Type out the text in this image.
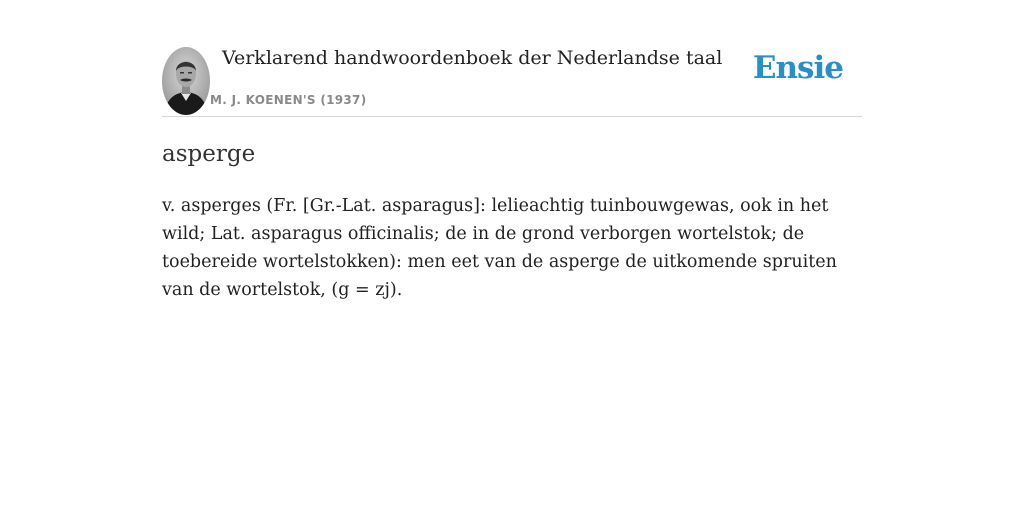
Verklarend handwoordenboek der Nederlandse taal
M. J. KOENEN'S (1937)
Ensie
asperge

v. asperges (Fr. [Gr.-Lat. asparagus]: lelieachtig tuinbouwgewas, ook in het wild; Lat. asparagus officinalis; de in de grond verborgen wortelstok; de toebereide wortelstokken): men eet van de asperge de uitkomende spruiten van de wortelstok, (g = zj).
